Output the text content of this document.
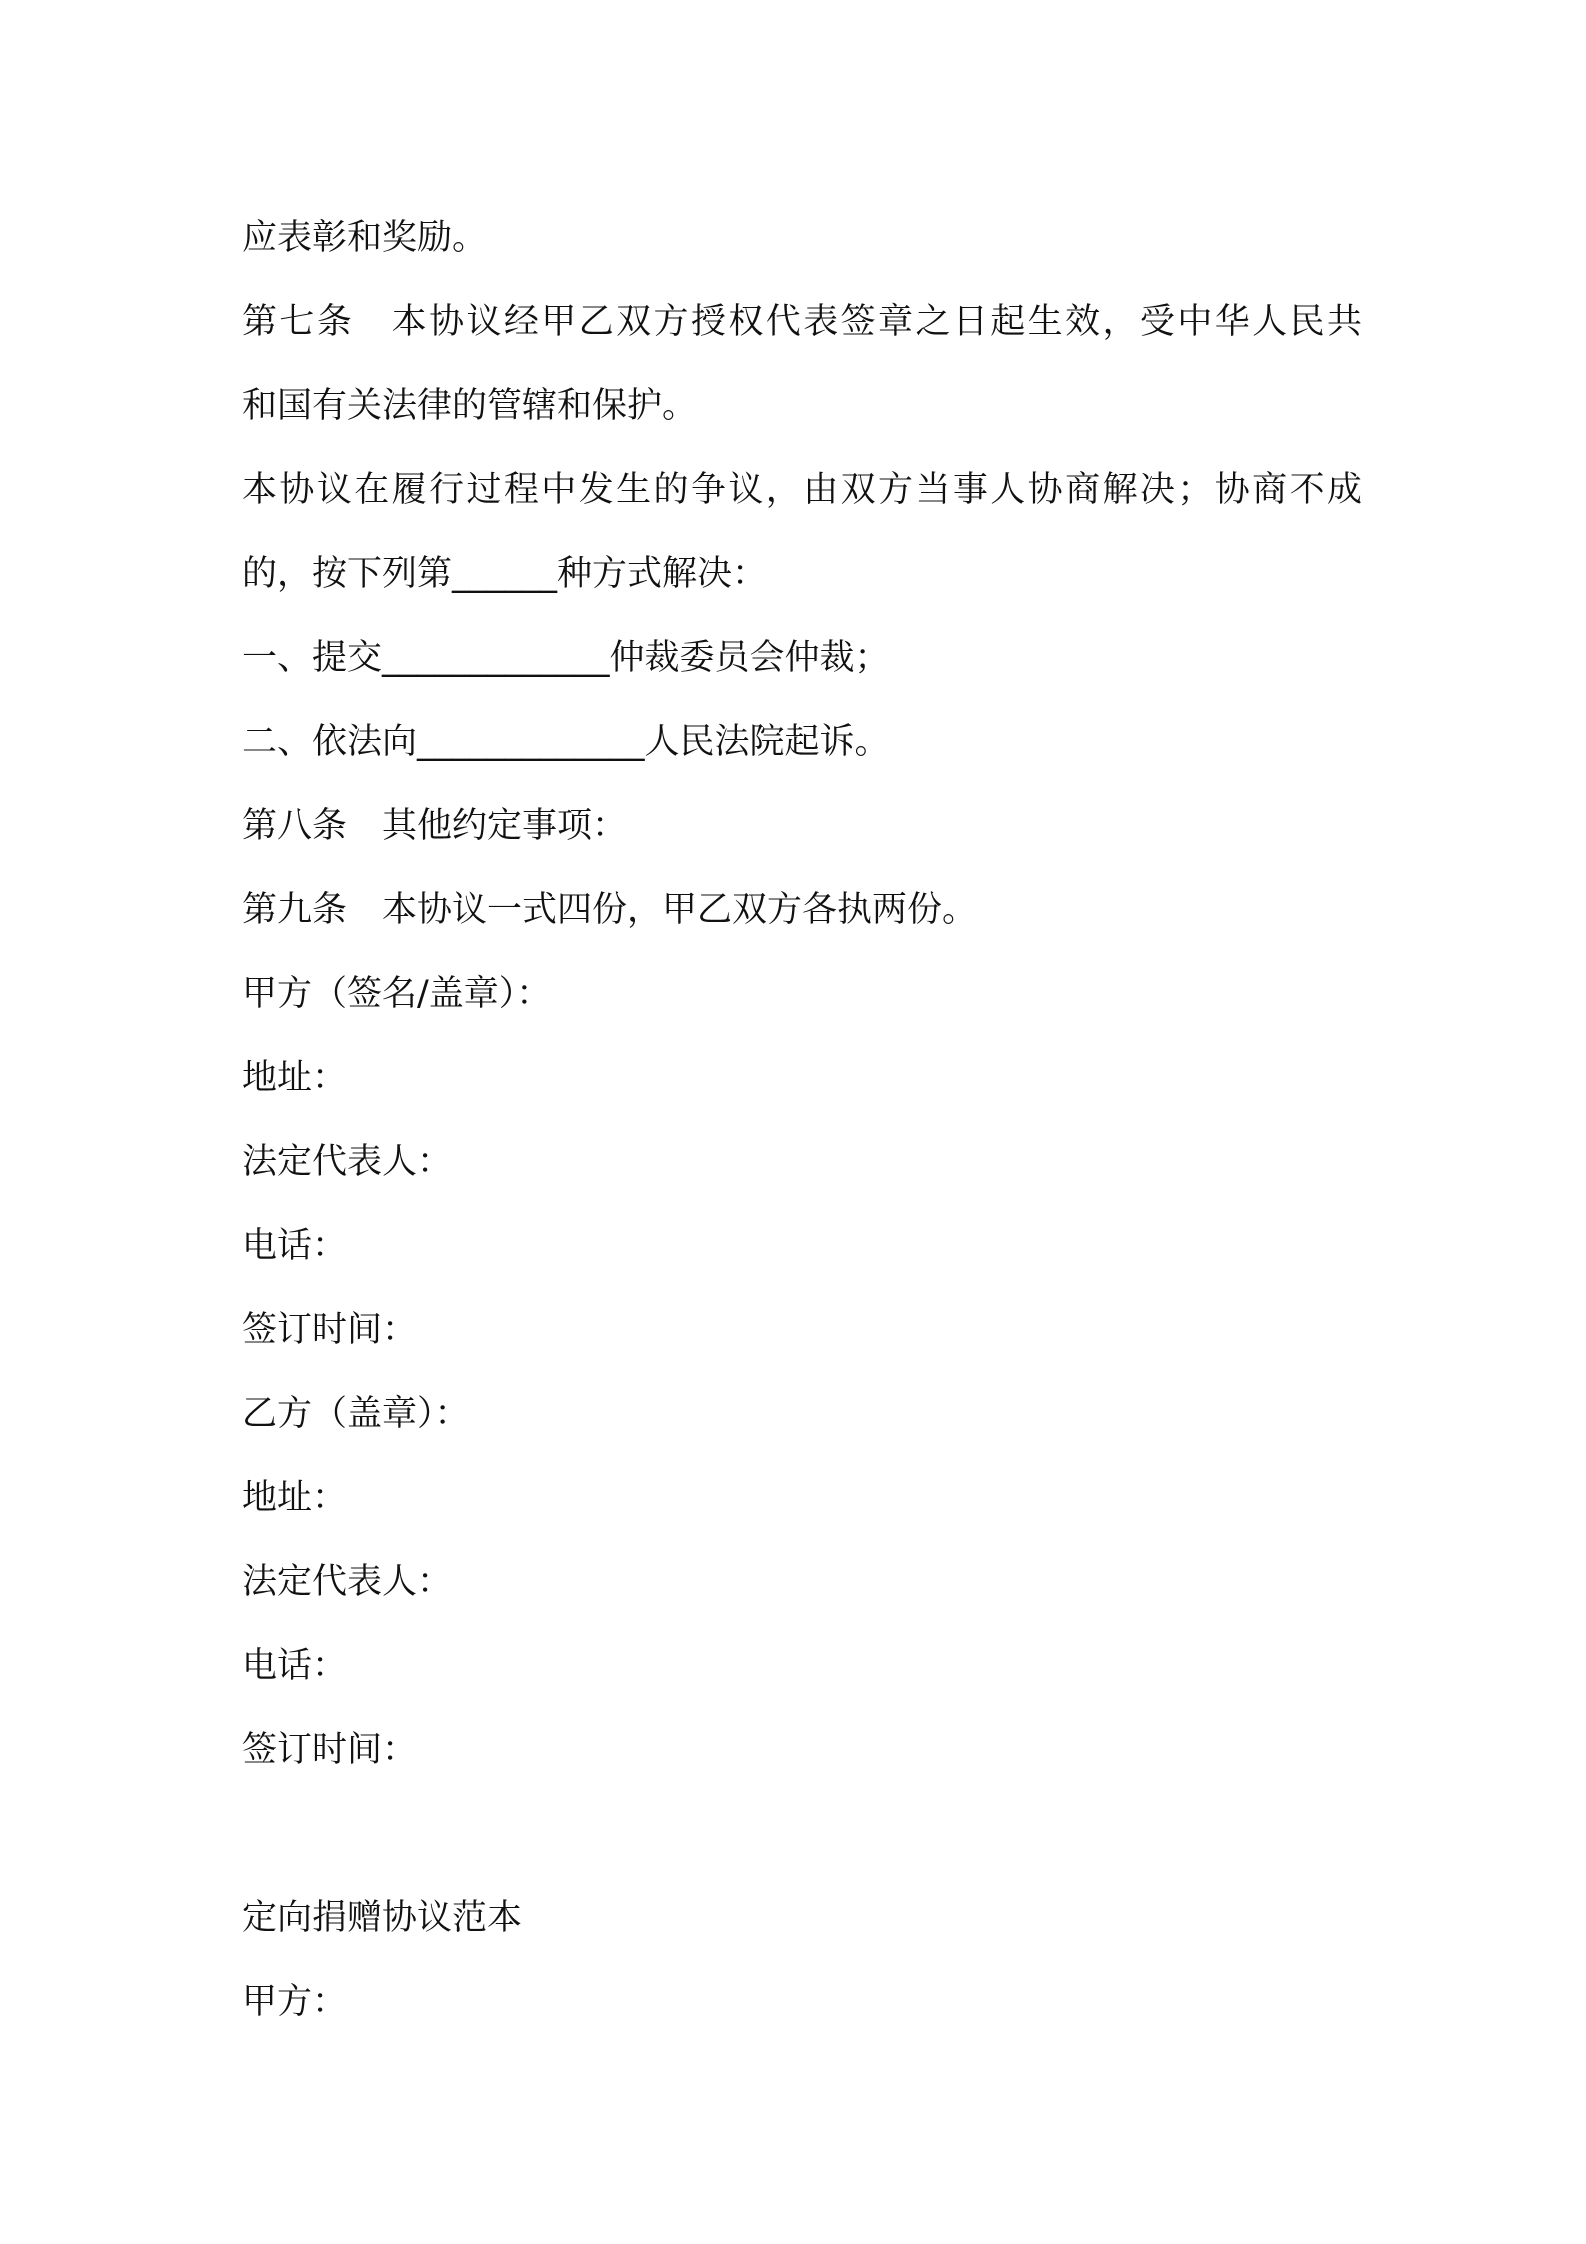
应表彰和奖励。
第七条　本协议经甲乙双方授权代表签章之日起生效，受中华人民共
和国有关法律的管辖和保护。
本协议在履行过程中发生的争议，由双方当事人协商解决；协商不成
的，按下列第______种方式解决：
一、提交_____________仲裁委员会仲裁；
二、依法向_____________人民法院起诉。
第八条　其他约定事项：
第九条　本协议一式四份，甲乙双方各执两份。
甲方（签名/盖章）：
地址：
法定代表人：
电话：
签订时间：
乙方（盖章）：
地址：
法定代表人：
电话：
签订时间：
定向捐赠协议范本
甲方：
